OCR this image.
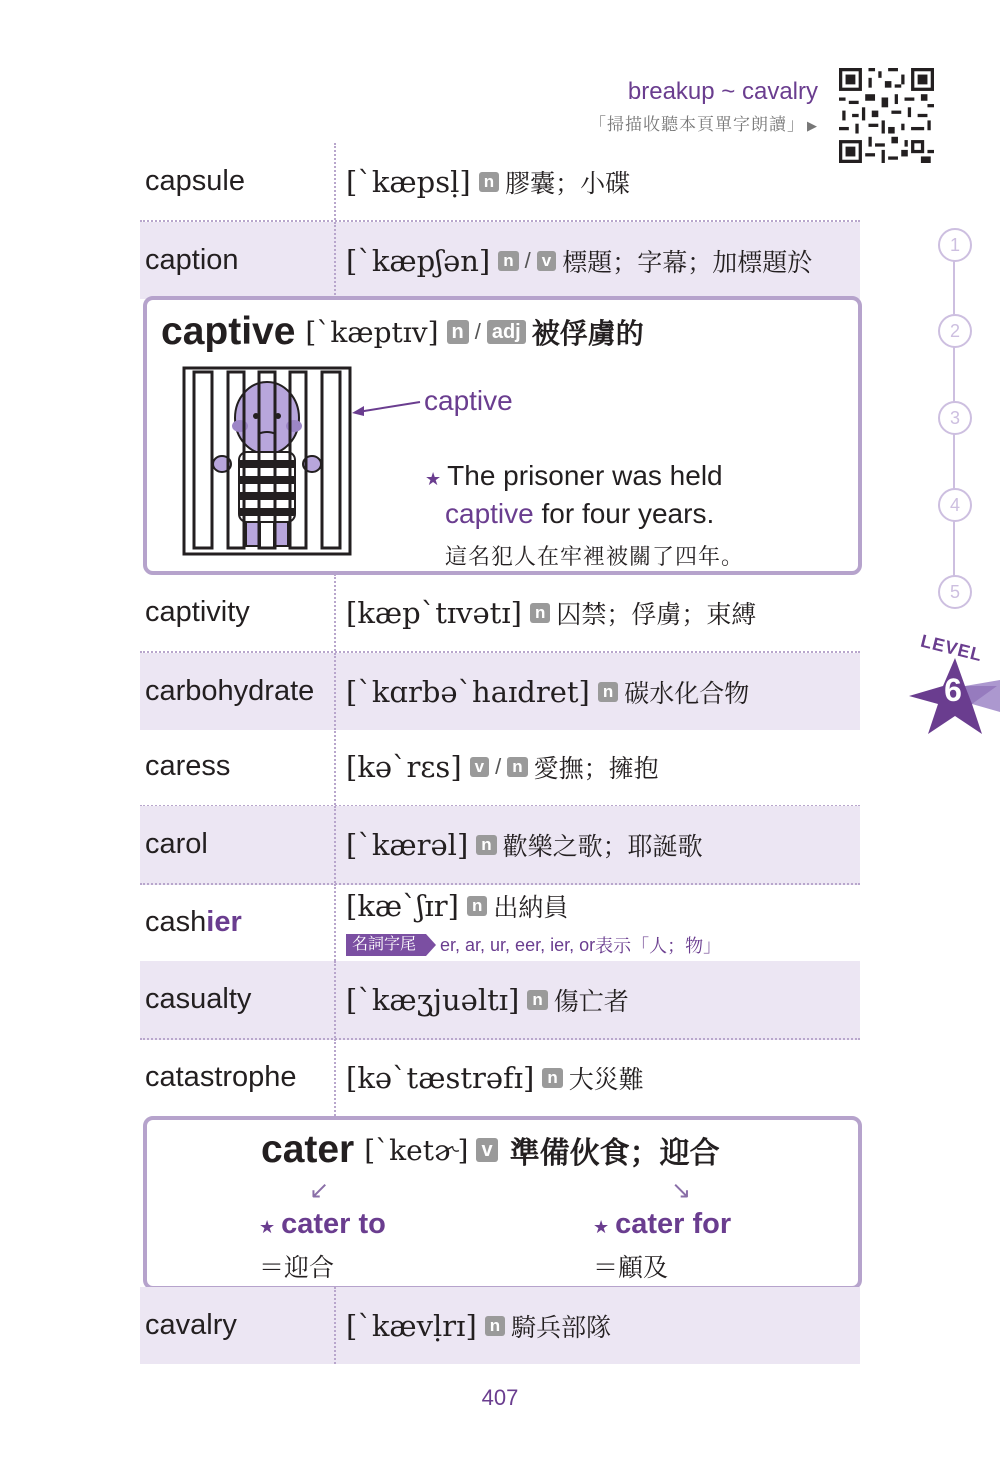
breakup ~ cavalry
「掃描收聽本頁單字朗讀」 ▶
capsule	[ˋkæpsḷ] n 膠囊；小碟
caption	[ˋkæpʃən] n / v 標題；字幕；加標題於
captive [ˋkæptɪv] n / adj 被俘虜的
captive
★ The prisoner was held
captive for four years.
這名犯人在牢裡被關了四年。
captivity	[kæpˋtɪvətɪ] n 囚禁；俘虜；束縛
carbohydrate [ˋkɑrbəˋhaɪdret] n 碳水化合物
caress	[kəˋrɛs] v / n 愛撫；擁抱
carol	[ˋkærəl] n 歡樂之歌；耶誕歌
cashier	[kæˋʃɪr] n 出納員
名詞字尾	er, ar, ur, eer, ier, or 表示「人；物」
casualty	[ˋkæʒjuəltɪ] n 傷亡者
catastrophe [kəˋtæstrəfɪ] n 大災難
cater [ˋketɚ] v 準備伙食；迎合
↙	↘
★ cater to
＝迎合
★ cater for
＝顧及
cavalry	[ˋkævḷrɪ] n 騎兵部隊
1
2
3
4
5
LEVEL
6
407
